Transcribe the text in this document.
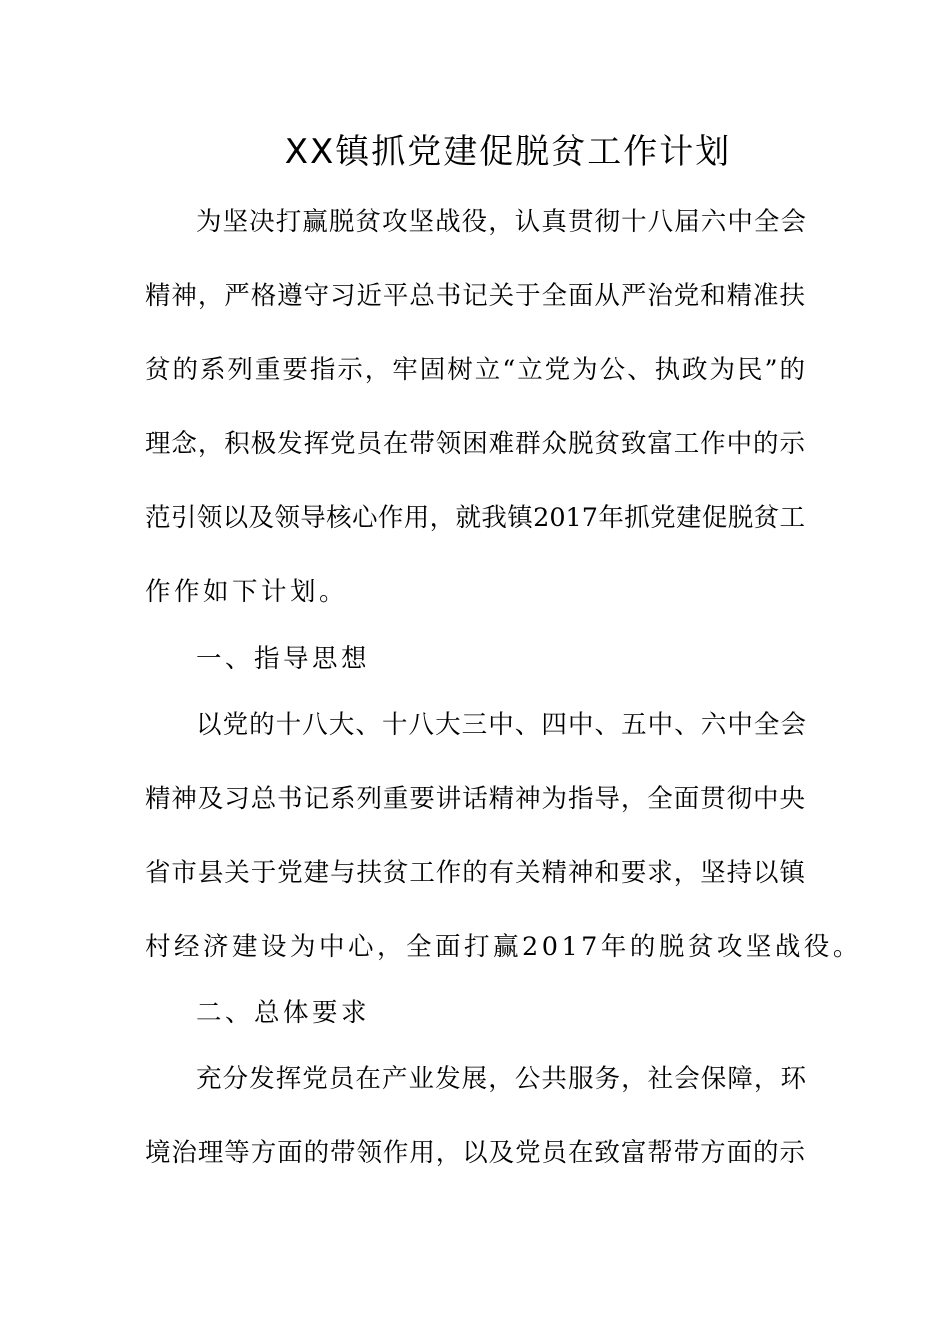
XX镇抓党建促脱贫工作计划
为坚决打赢脱贫攻坚战役，认真贯彻十八届六中全会
精神，严格遵守习近平总书记关于全面从严治党和精准扶
贫的系列重要指示，牢固树立“立党为公、执政为民”的
理念，积极发挥党员在带领困难群众脱贫致富工作中的示
范引领以及领导核心作用，就我镇2017年抓党建促脱贫工
作作如下计划。
一、指导思想
以党的十八大、十八大三中、四中、五中、六中全会
精神及习总书记系列重要讲话精神为指导，全面贯彻中央
省市县关于党建与扶贫工作的有关精神和要求，坚持以镇
村经济建设为中心，全面打赢2017年的脱贫攻坚战役。
二、总体要求
充分发挥党员在产业发展，公共服务，社会保障，环
境治理等方面的带领作用，以及党员在致富帮带方面的示
